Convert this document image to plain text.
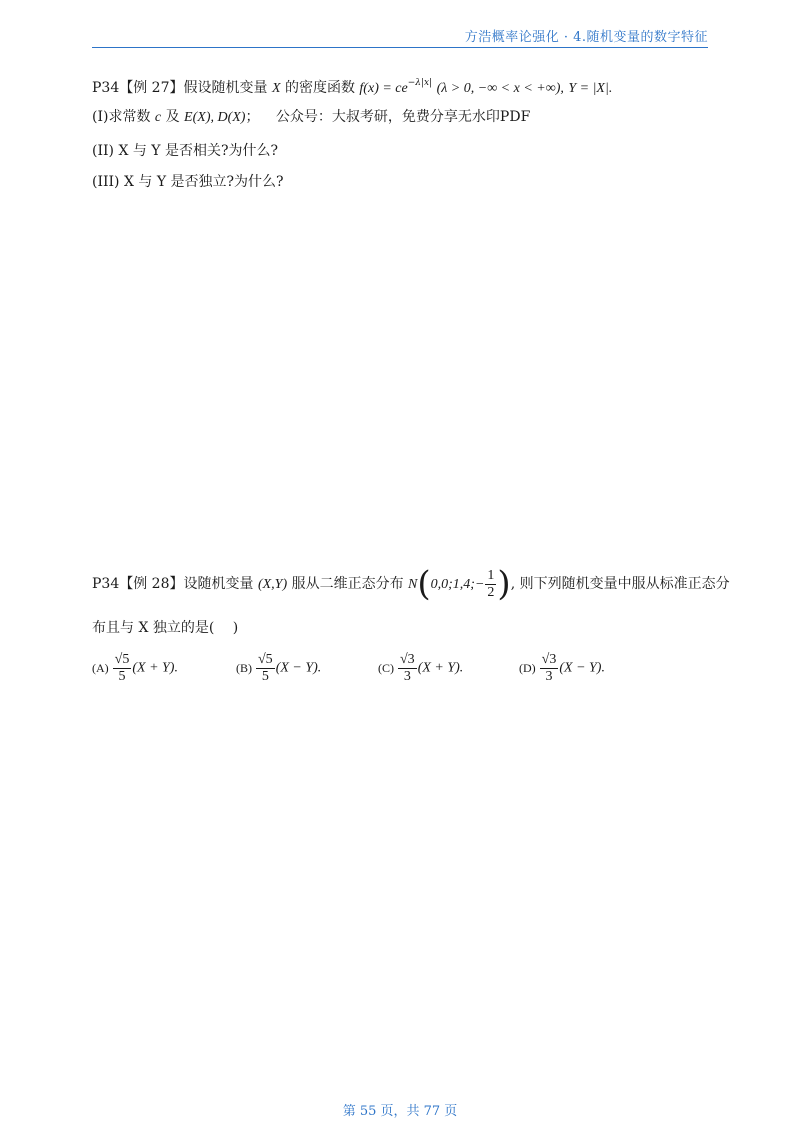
方浩概率论强化 · 4.随机变量的数字特征
P34【例 27】假设随机变量 X 的密度函数 $f(x) = ce^{-\lambda|x|}$ (λ > 0, −∞ < x < +∞), Y = |X|.
(I)求常数 c 及 E(X), D(X)； 公众号：大叔考研，免费分享无水印PDF
(II) X 与 Y 是否相关?为什么?
(III) X 与 Y 是否独立?为什么?
P34【例 28】设随机变量 (X,Y) 服从二维正态分布 N(0,0;1,4;− $\frac{1}{2}$ ), 则下列随机变量中服从标准正态分
布且与 X 独立的是(　 )
$(A) \frac{√5}{5} (X + Y)$.	$(B) \frac{√5}{5} (X - Y)$.	$(C) \frac{√3}{3} (X + Y)$.	$(D) \frac{√3}{3} (X - Y)$.
第 55 页，共 77 页
